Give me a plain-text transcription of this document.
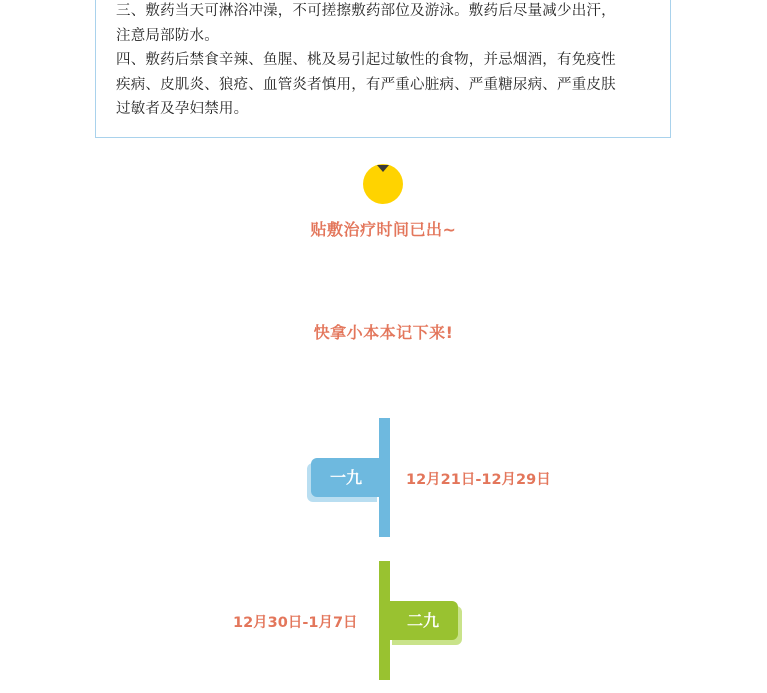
三、敷药当天可淋浴冲澡，不可搓擦敷药部位及游泳。敷药后尽量减少出汗，

注意局部防水。

四、敷药后禁食辛辣、鱼腥、桃及易引起过敏性的食物，并忌烟酒，有免疫性

疾病、皮肌炎、狼疮、血管炎者慎用，有严重心脏病、严重糖尿病、严重皮肤

过敏者及孕妇禁用。

贴敷治疗时间已出~
快拿小本本记下来!
一九	12月21日-12月29日
二九
12月30日-1月7日
